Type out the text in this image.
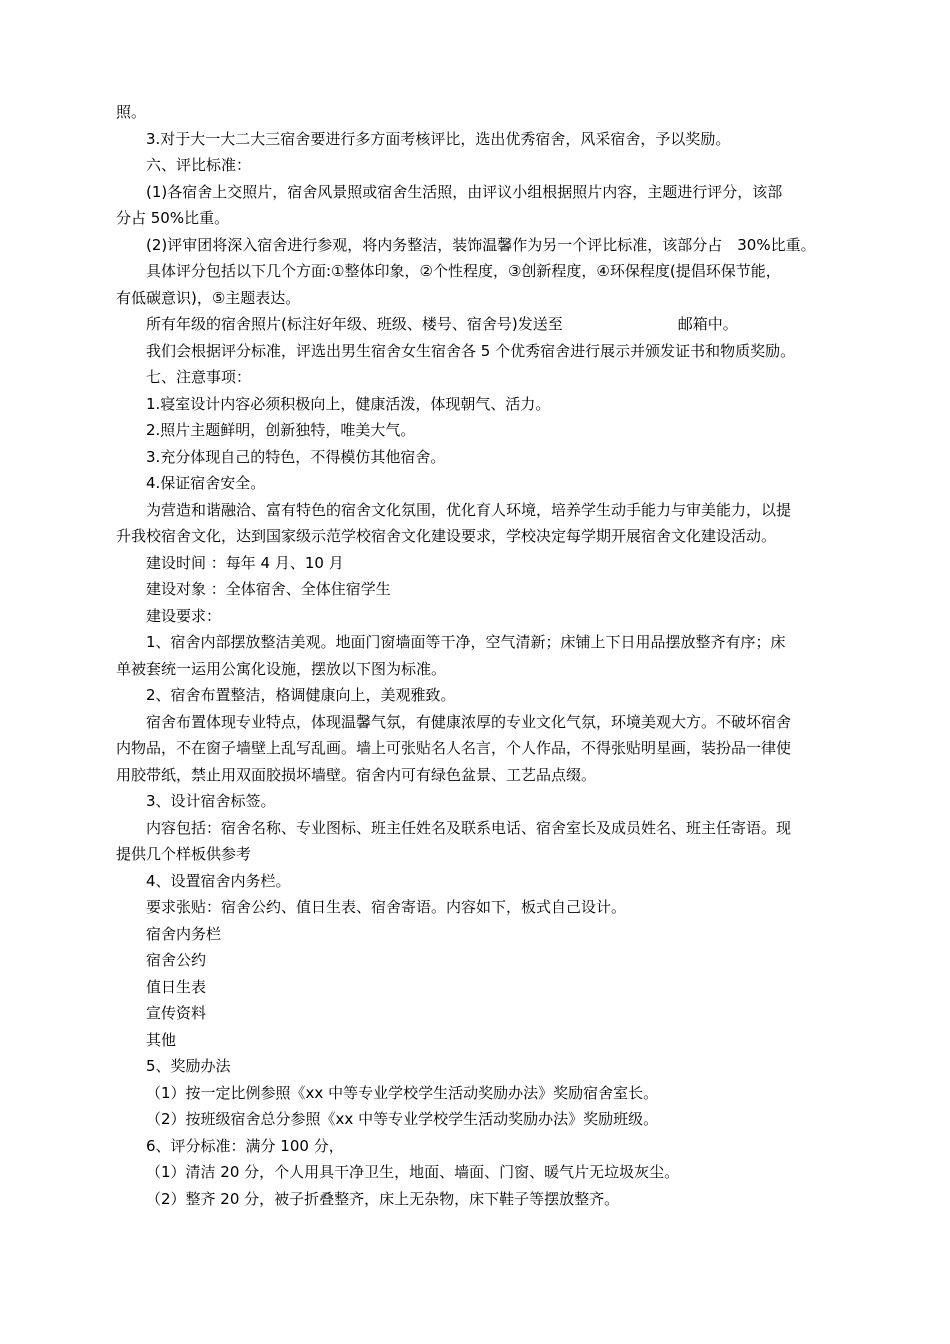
照。
3.对于大一大二大三宿舍要进行多方面考核评比，选出优秀宿舍，风采宿舍，予以奖励。
六、评比标准：
(1)各宿舍上交照片，宿舍风景照或宿舍生活照，由评议小组根据照片内容，主题进行评分，该部
分占 50%比重。
(2)评审团将深入宿舍进行参观，将内务整洁，装饰温馨作为另一个评比标准，该部分占　30%比重。
具体评分包括以下几个方面:①整体印象，②个性程度，③创新程度，④环保程度(提倡环保节能，
有低碳意识)，⑤主题表达。
所有年级的宿舍照片(标注好年级、班级、楼号、宿舍号)发送至	邮箱中。
我们会根据评分标准，评选出男生宿舍女生宿舍各 5 个优秀宿舍进行展示并颁发证书和物质奖励。
七、注意事项：
1.寝室设计内容必须积极向上，健康活泼，体现朝气、活力。
2.照片主题鲜明，创新独特，唯美大气。
3.充分体现自己的特色，不得模仿其他宿舍。
4.保证宿舍安全。
为营造和谐融洽、富有特色的宿舍文化氛围，优化育人环境，培养学生动手能力与审美能力，以提
升我校宿舍文化，达到国家级示范学校宿舍文化建设要求，学校决定每学期开展宿舍文化建设活动。
建设时间 ：每年 4 月、10 月
建设对象 ：全体宿舍、全体住宿学生
建设要求：
1、宿舍内部摆放整洁美观。地面门窗墙面等干净，空气清新；床铺上下日用品摆放整齐有序；床
单被套统一运用公寓化设施，摆放以下图为标准。
2、宿舍布置整洁，格调健康向上，美观雅致。
宿舍布置体现专业特点，体现温馨气氛，有健康浓厚的专业文化气氛，环境美观大方。不破坏宿舍
内物品，不在窗子墙壁上乱写乱画。墙上可张贴名人名言，个人作品，不得张贴明星画，装扮品一律使
用胶带纸，禁止用双面胶损坏墙壁。宿舍内可有绿色盆景、工艺品点缀。
3、设计宿舍标签。
内容包括：宿舍名称、专业图标、班主任姓名及联系电话、宿舍室长及成员姓名、班主任寄语。现
提供几个样板供参考
4、设置宿舍内务栏。
要求张贴：宿舍公约、值日生表、宿舍寄语。内容如下，板式自己设计。
宿舍内务栏
宿舍公约
值日生表
宣传资料
其他
5、奖励办法
（1）按一定比例参照《xx 中等专业学校学生活动奖励办法》奖励宿舍室长。
（2）按班级宿舍总分参照《xx 中等专业学校学生活动奖励办法》奖励班级。
6、评分标准：满分 100 分，
（1）清洁 20 分，个人用具干净卫生，地面、墙面、门窗、暖气片无垃圾灰尘。
（2）整齐 20 分，被子折叠整齐，床上无杂物，床下鞋子等摆放整齐。
